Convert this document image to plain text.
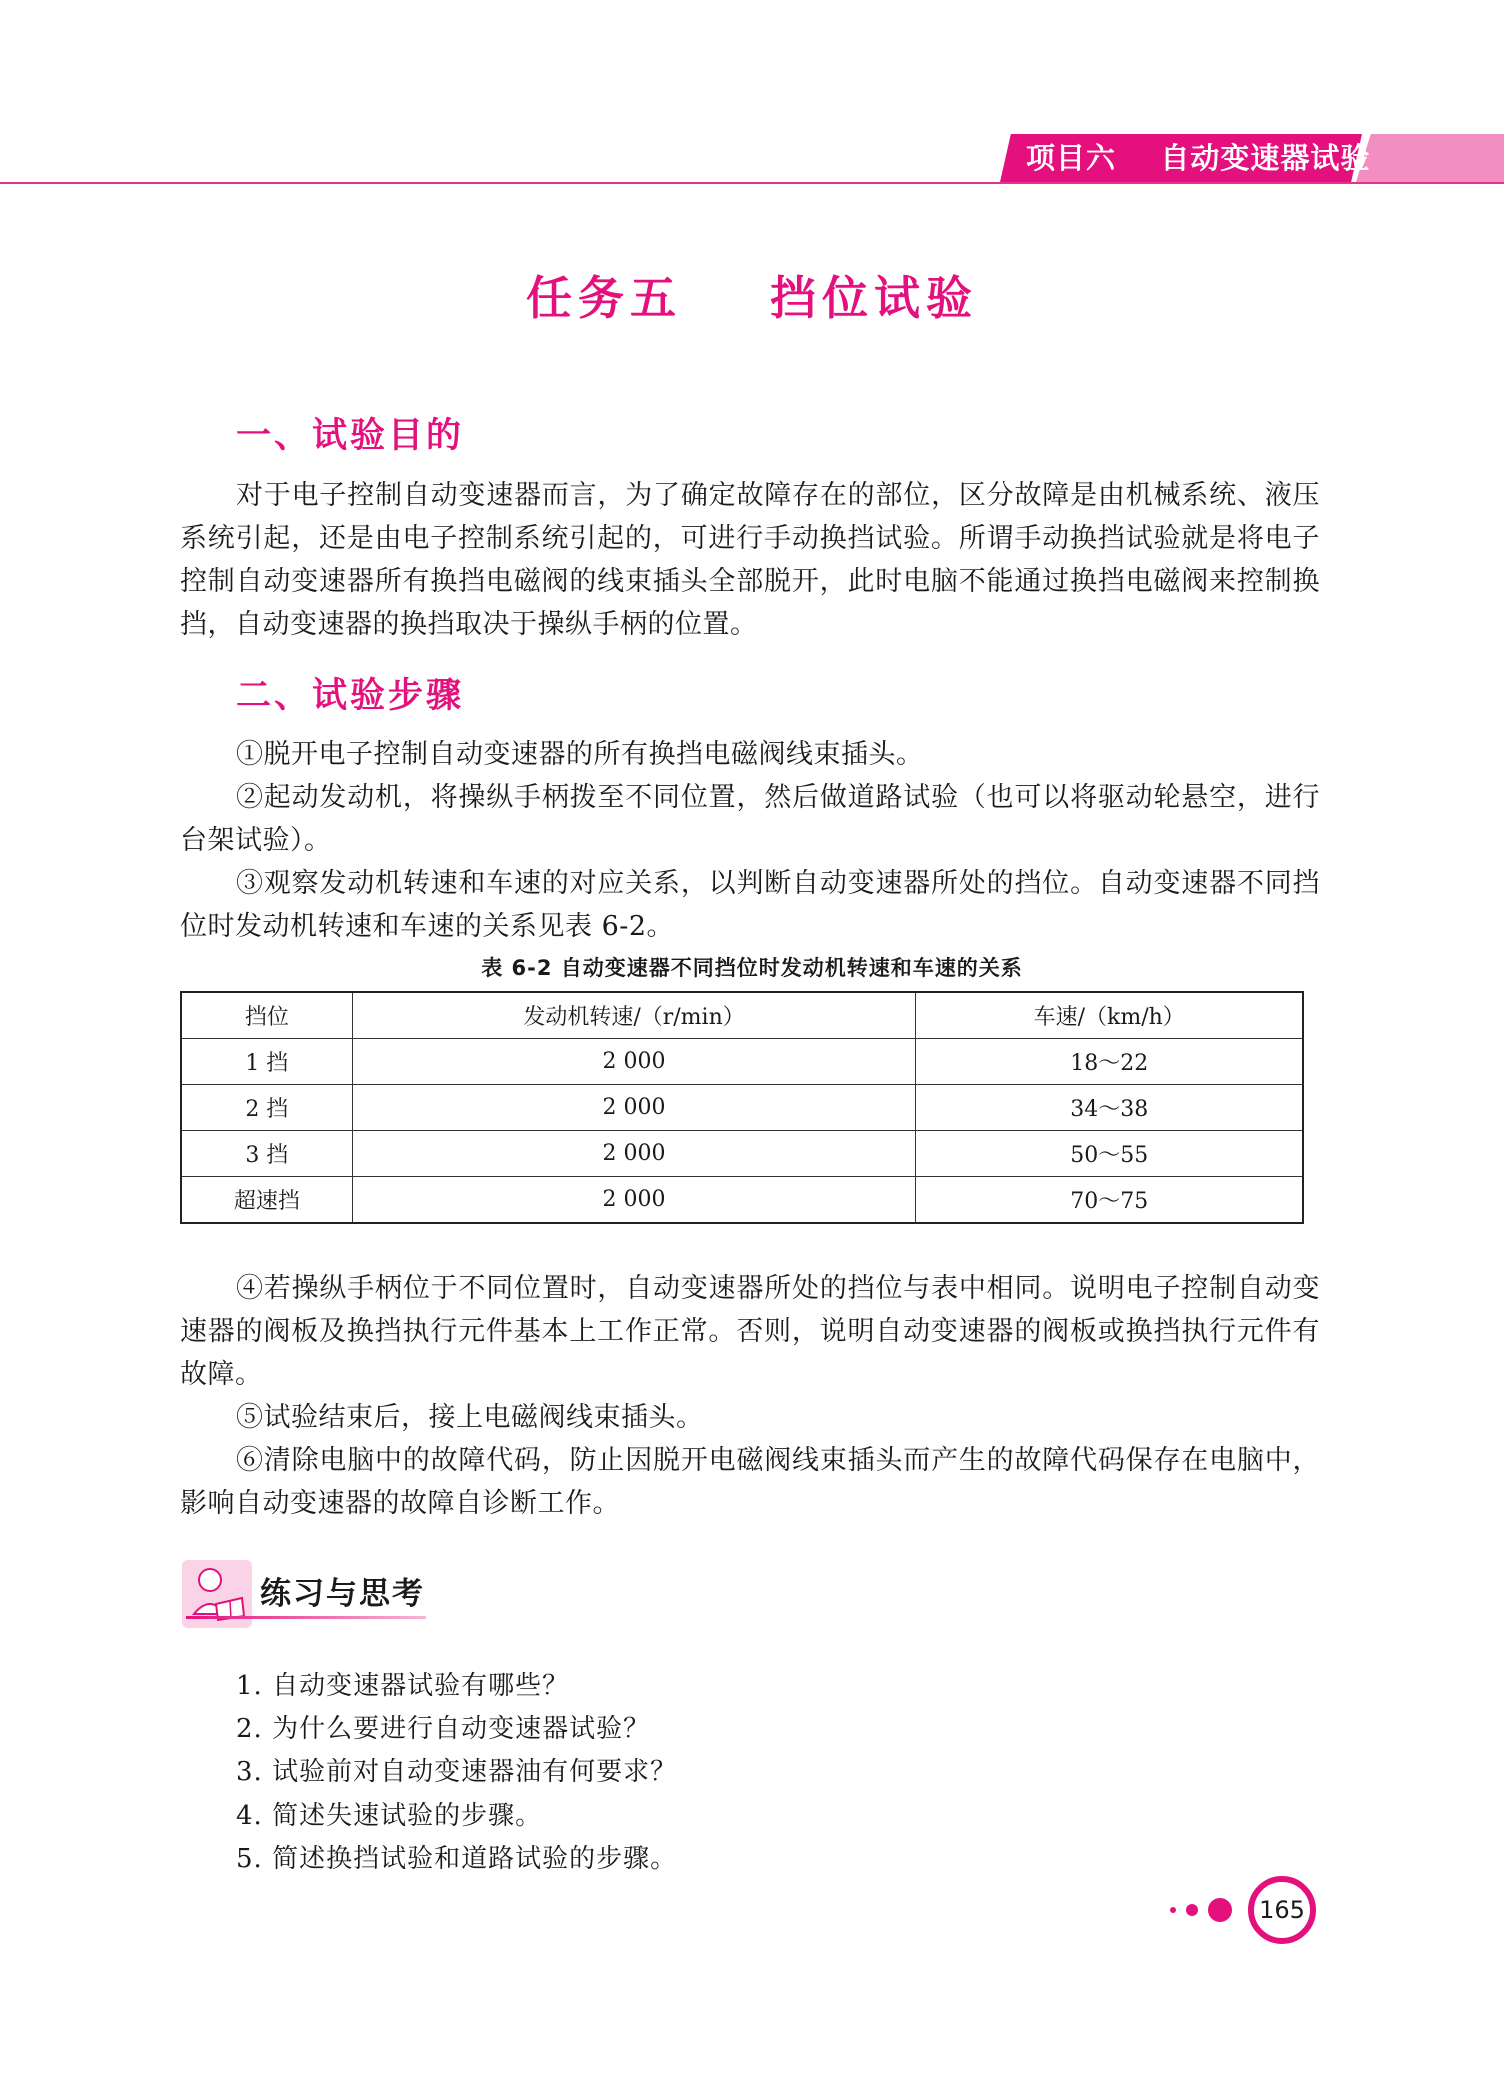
项目六    自动变速器试验
任务五    挡位试验
一、试验目的

对于电子控制自动变速器而言，为了确定故障存在的部位，区分故障是由机械系统、液压系统引起，还是由电子控制系统引起的，可进行手动换挡试验。所谓手动换挡试验就是将电子控制自动变速器所有换挡电磁阀的线束插头全部脱开，此时电脑不能通过换挡电磁阀来控制换挡，自动变速器的换挡取决于操纵手柄的位置。

二、试验步骤

①脱开电子控制自动变速器的所有换挡电磁阀线束插头。

②起动发动机，将操纵手柄拨至不同位置，然后做道路试验（也可以将驱动轮悬空，进行台架试验）。

③观察发动机转速和车速的对应关系，以判断自动变速器所处的挡位。自动变速器不同挡位时发动机转速和车速的关系见表 6-2。

表 6-2 自动变速器不同挡位时发动机转速和车速的关系
挡位	发动机转速/（r/min）	车速/（km/h）
1 挡	2 000	18～22
2 挡	2 000	34～38
3 挡	2 000	50～55
超速挡	2 000	70～75

④若操纵手柄位于不同位置时，自动变速器所处的挡位与表中相同。说明电子控制自动变速器的阀板及换挡执行元件基本上工作正常。否则，说明自动变速器的阀板或换挡执行元件有故障。

⑤试验结束后，接上电磁阀线束插头。

⑥清除电脑中的故障代码，防止因脱开电磁阀线束插头而产生的故障代码保存在电脑中，影响自动变速器的故障自诊断工作。

练习与思考
1. 自动变速器试验有哪些？
2. 为什么要进行自动变速器试验？
3. 试验前对自动变速器油有何要求？
4. 简述失速试验的步骤。
5. 简述换挡试验和道路试验的步骤。
165
